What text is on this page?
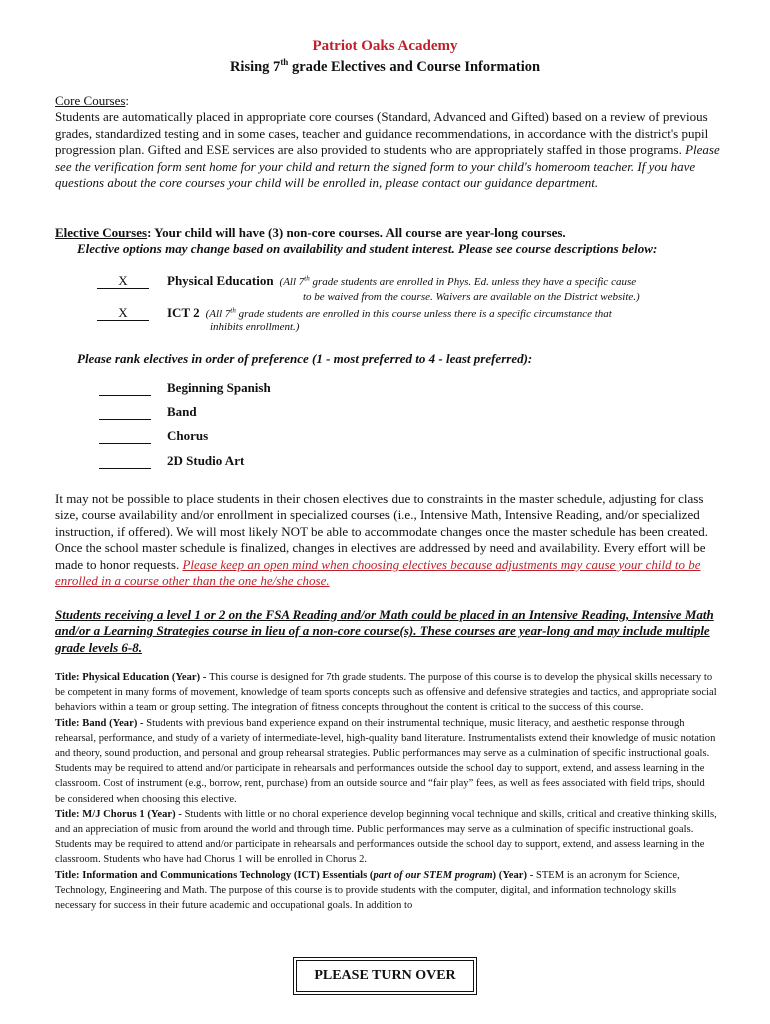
Patriot Oaks Academy
Rising 7th grade Electives and Course Information
Core Courses:
Students are automatically placed in appropriate core courses (Standard, Advanced and Gifted) based on a review of previous grades, standardized testing and in some cases, teacher and guidance recommendations, in accordance with the district's pupil progression plan. Gifted and ESE services are also provided to students who are appropriately staffed in those programs. Please see the verification form sent home for your child and return the signed form to your child's homeroom teacher. If you have questions about the core courses your child will be enrolled in, please contact our guidance department.
Elective Courses: Your child will have (3) non-core courses. All course are year-long courses.
Elective options may change based on availability and student interest. Please see course descriptions below:
X	Physical Education (All 7th grade students are enrolled in Phys. Ed. unless they have a specific cause
to be waived from the course. Waivers are available on the District website.)
X	ICT 2 (All 7th grade students are enrolled in this course unless there is a specific circumstance that
inhibits enrollment.)
Please rank electives in order of preference (1 - most preferred to 4 - least preferred):
Beginning Spanish
Band
Chorus
2D Studio Art
It may not be possible to place students in their chosen electives due to constraints in the master schedule, adjusting for class size, course availability and/or enrollment in specialized courses (i.e., Intensive Math, Intensive Reading, and/or specialized instruction, if offered). We will most likely NOT be able to accommodate changes once the master schedule has been created. Once the school master schedule is finalized, changes in electives are addressed by need and availability. Every effort will be made to honor requests. Please keep an open mind when choosing electives because adjustments may cause your child to be enrolled in a course other than the one he/she chose.
Students receiving a level 1 or 2 on the FSA Reading and/or Math could be placed in an Intensive Reading, Intensive Math and/or a Learning Strategies course in lieu of a non-core course(s). These courses are year-long and may include multiple grade levels 6-8.
Title: Physical Education (Year) - This course is designed for 7th grade students. The purpose of this course is to develop the physical skills necessary to be competent in many forms of movement, knowledge of team sports concepts such as offensive and defensive strategies and tactics, and appropriate social behaviors within a team or group setting. The integration of fitness concepts throughout the content is critical to the success of this course.
Title: Band (Year) - Students with previous band experience expand on their instrumental technique, music literacy, and aesthetic response through rehearsal, performance, and study of a variety of intermediate-level, high-quality band literature. Instrumentalists extend their knowledge of music notation and theory, sound production, and personal and group rehearsal strategies. Public performances may serve as a culmination of specific instructional goals. Students may be required to attend and/or participate in rehearsals and performances outside the school day to support, extend, and assess learning in the classroom. Cost of instrument (e.g., borrow, rent, purchase) from an outside source and “fair play” fees, as well as fees associated with field trips, should be considered when choosing this elective.
Title: M/J Chorus 1 (Year) - Students with little or no choral experience develop beginning vocal technique and skills, critical and creative thinking skills, and an appreciation of music from around the world and through time. Public performances may serve as a culmination of specific instructional goals. Students may be required to attend and/or participate in rehearsals and performances outside the school day to support, extend, and assess learning in the classroom. Students who have had Chorus 1 will be enrolled in Chorus 2.
Title: Information and Communications Technology (ICT) Essentials (part of our STEM program) (Year) - STEM is an acronym for Science, Technology, Engineering and Math. The purpose of this course is to provide students with the computer, digital, and information technology skills necessary for success in their future academic and occupational goals. In addition to
PLEASE TURN OVER
